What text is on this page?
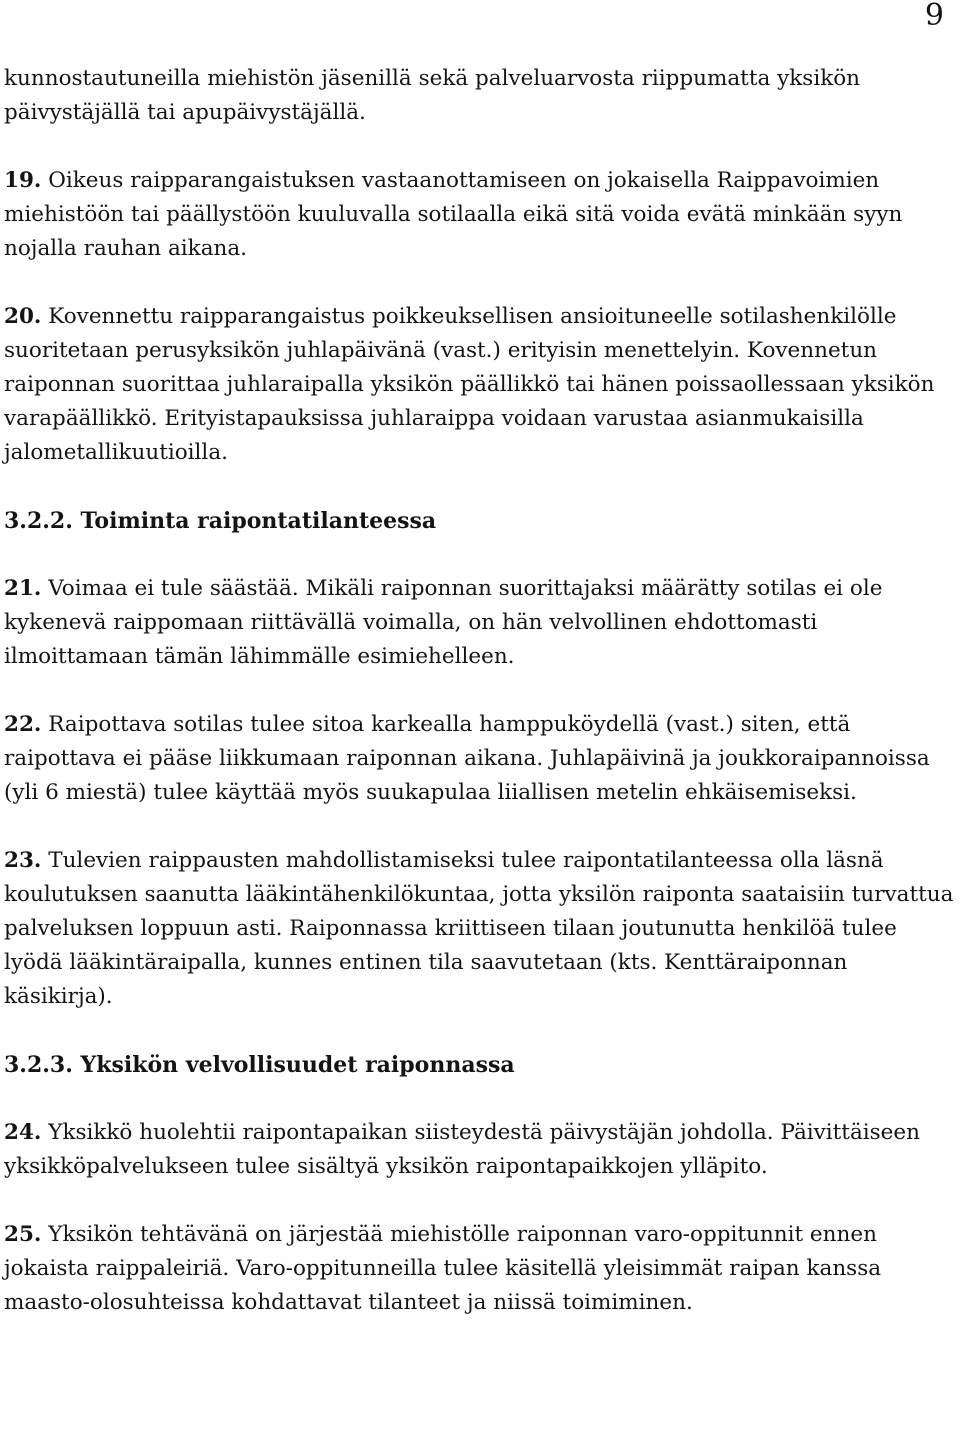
9

kunnostautuneilla miehistön jäsenillä sekä palveluarvosta riippumatta yksikön päivystäjällä tai apupäivystäjällä.

19. Oikeus raipparangaistuksen vastaanottamiseen on jokaisella Raippavoimien miehistöön tai päällystöön kuuluvalla sotilaalla eikä sitä voida evätä minkään syyn nojalla rauhan aikana.

20. Kovennettu raipparangaistus poikkeuksellisen ansioituneelle sotilashenkilölle suoritetaan perusyksikön juhlapäivänä (vast.) erityisin menettelyin. Kovennetun raiponnan suorittaa juhlaraipalla yksikön päällikkö tai hänen poissaollessaan yksikön varapäällikkö. Erityistapauksissa juhlaraippa voidaan varustaa asianmukaisilla jalometallikuutioilla.

3.2.2. Toiminta raipontatilanteessa

21. Voimaa ei tule säästää. Mikäli raiponnan suorittajaksi määrätty sotilas ei ole kykenevä raippomaan riittävällä voimalla, on hän velvollinen ehdottomasti ilmoittamaan tämän lähimmälle esimiehelleen.

22. Raipottava sotilas tulee sitoa karkealla hamppuköydellä (vast.) siten, että raipottava ei pääse liikkumaan raiponnan aikana. Juhlapäivinä ja joukkoraipannoissa (yli 6 miestä) tulee käyttää myös suukapulaa liiallisen metelin ehkäisemiseksi.

23. Tulevien raippausten mahdollistamiseksi tulee raipontatilanteessa olla läsnä koulutuksen saanutta lääkintähenkilökuntaa, jotta yksilön raiponta saataisiin turvattua palveluksen loppuun asti. Raiponnassa kriittiseen tilaan joutunutta henkilöä tulee lyödä lääkintäraipalla, kunnes entinen tila saavutetaan (kts. Kenttäraiponnan käsikirja).

3.2.3. Yksikön velvollisuudet raiponnassa

24. Yksikkö huolehtii raipontapaikan siisteydestä päivystäjän johdolla. Päivittäiseen yksikköpalvelukseen tulee sisältyä yksikön raipontapaikkojen ylläpito.

25. Yksikön tehtävänä on järjestää miehistölle raiponnan varo-oppitunnit ennen jokaista raippaleiriä. Varo-oppitunneilla tulee käsitellä yleisimmät raipan kanssa maasto-olosuhteissa kohdattavat tilanteet ja niissä toimiminen.
